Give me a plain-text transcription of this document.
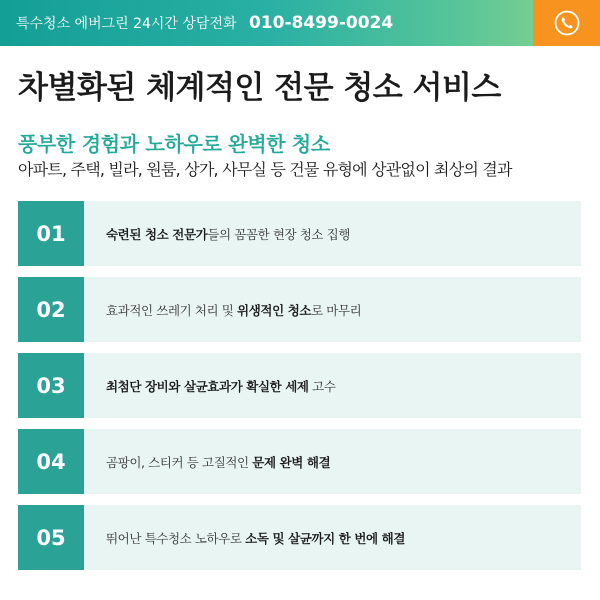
특수청소 에버그린 24시간 상담전화 010-8499-0024
차별화된 체계적인 전문 청소 서비스
풍부한 경험과 노하우로 완벽한 청소

아파트, 주택, 빌라, 원룸, 상가, 사무실 등 건물 유형에 상관없이 최상의 결과

01	숙련된 청소 전문가들의 꼼꼼한 현장 청소 집행
02	효과적인 쓰레기 처리 및 위생적인 청소로 마무리
03	최첨단 장비와 살균효과가 확실한 세제 고수
04	곰팡이, 스티커 등 고질적인 문제 완벽 해결
05	뛰어난 특수청소 노하우로 소독 및 살균까지 한 번에 해결
